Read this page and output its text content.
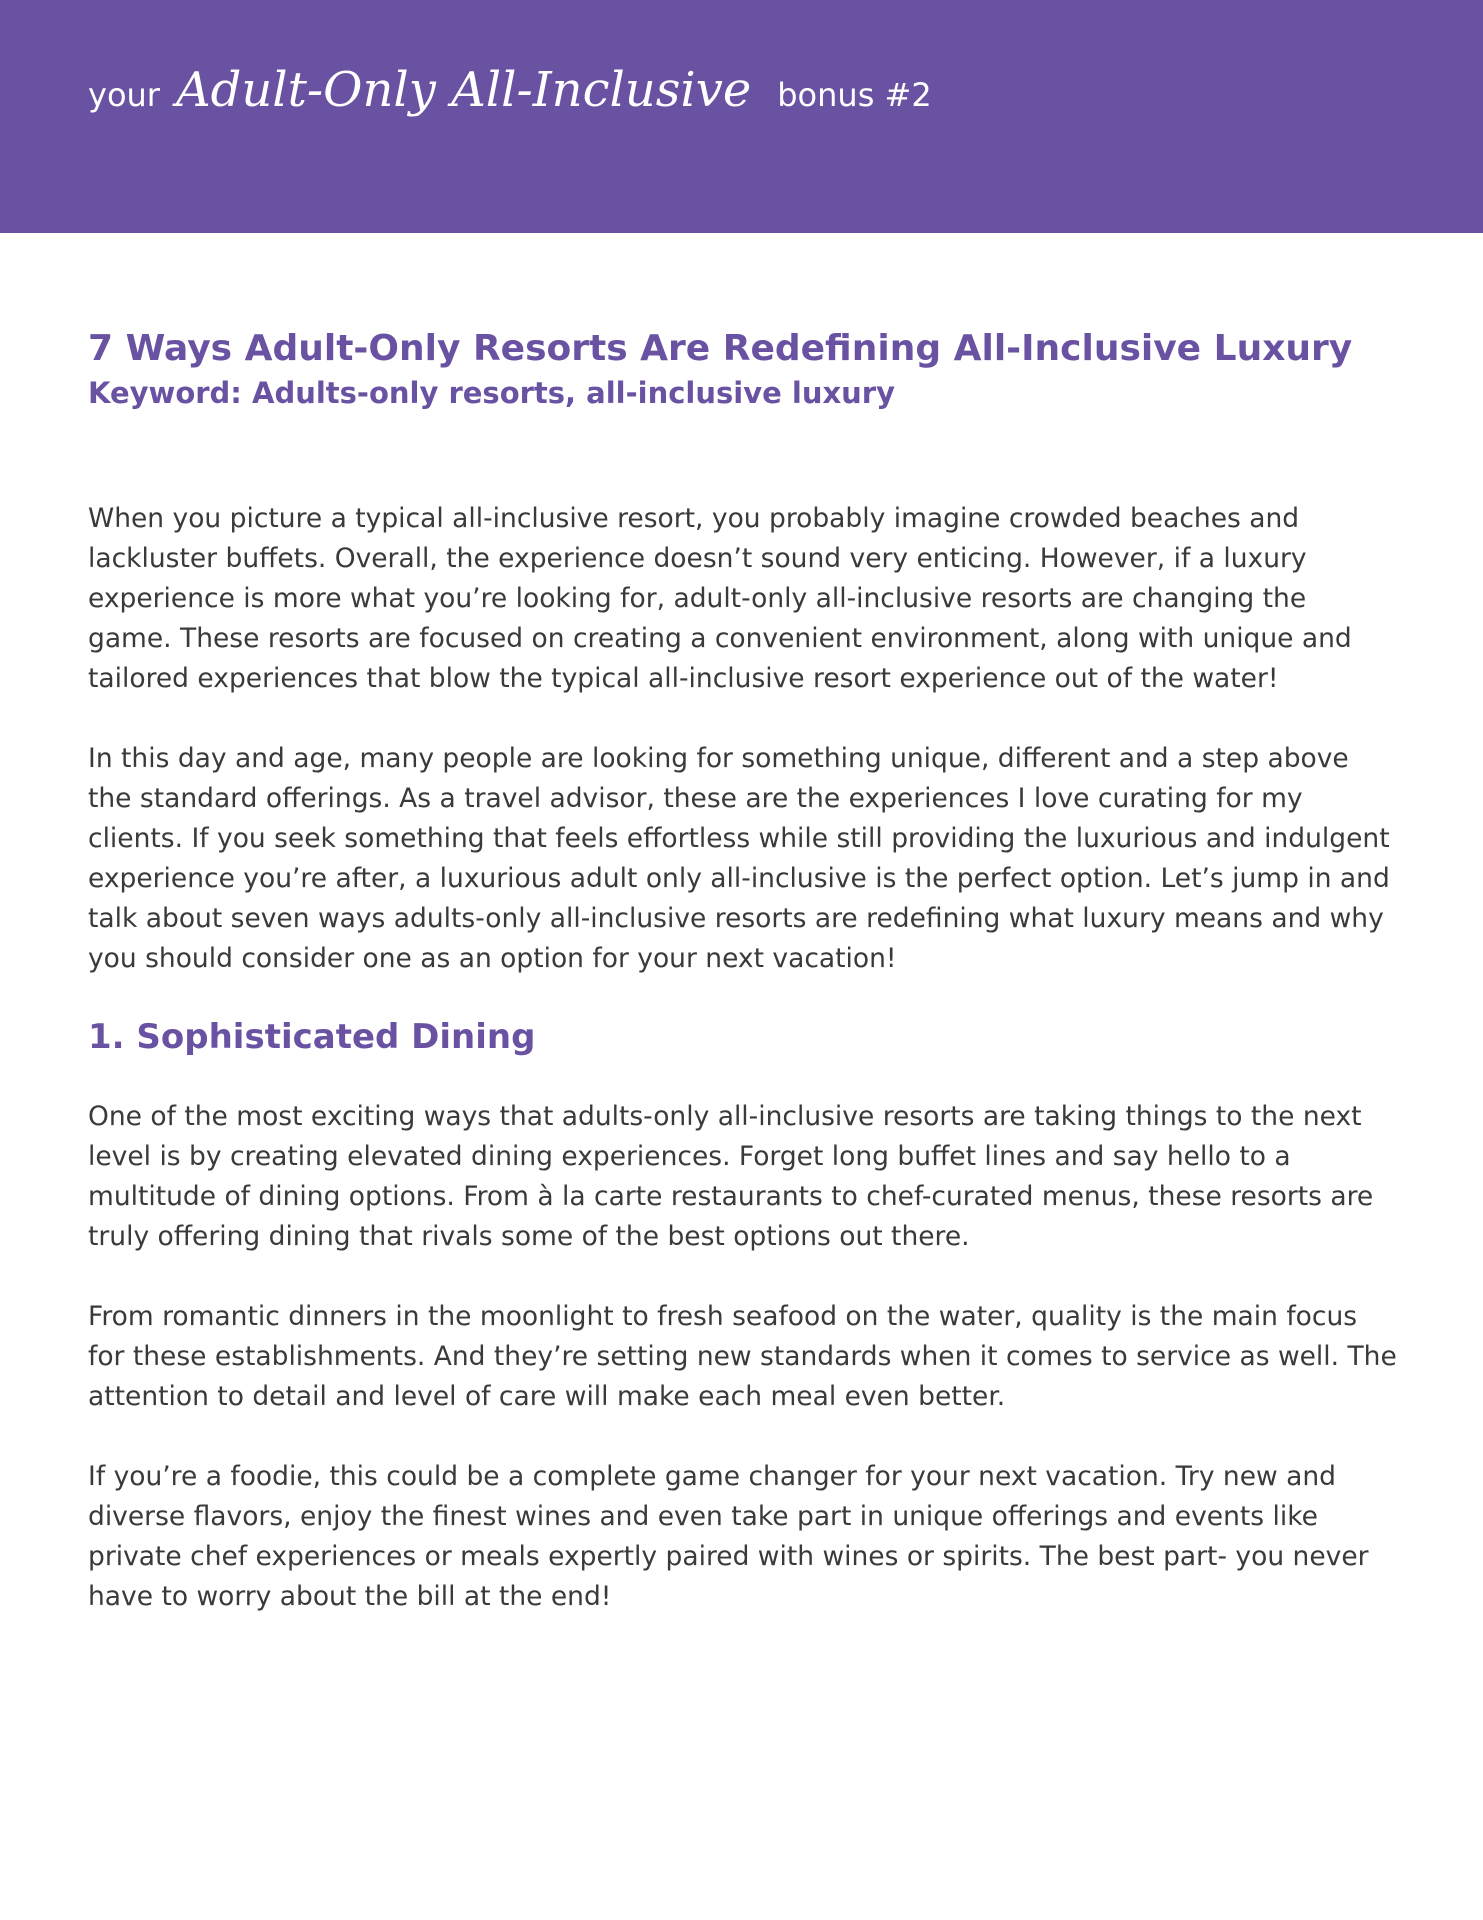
your Adult-Only All-Inclusive bonus #2
7 Ways Adult-Only Resorts Are Redefining All-Inclusive Luxury
Keyword: Adults-only resorts, all-inclusive luxury

When you picture a typical all-inclusive resort, you probably imagine crowded beaches and lackluster buffets. Overall, the experience doesn’t sound very enticing. However, if a luxury experience is more what you’re looking for, adult-only all-inclusive resorts are changing the game. These resorts are focused on creating a convenient environment, along with unique and tailored experiences that blow the typical all-inclusive resort experience out of the water!

In this day and age, many people are looking for something unique, different and a step above the standard offerings. As a travel advisor, these are the experiences I love curating for my clients. If you seek something that feels effortless while still providing the luxurious and indulgent experience you’re after, a luxurious adult only all-inclusive is the perfect option. Let’s jump in and talk about seven ways adults-only all-inclusive resorts are redefining what luxury means and why you should consider one as an option for your next vacation!

1. Sophisticated Dining

One of the most exciting ways that adults-only all-inclusive resorts are taking things to the next level is by creating elevated dining experiences. Forget long buffet lines and say hello to a multitude of dining options. From à la carte restaurants to chef-curated menus, these resorts are truly offering dining that rivals some of the best options out there.

From romantic dinners in the moonlight to fresh seafood on the water, quality is the main focus for these establishments. And they’re setting new standards when it comes to service as well. The attention to detail and level of care will make each meal even better.

If you’re a foodie, this could be a complete game changer for your next vacation. Try new and diverse flavors, enjoy the finest wines and even take part in unique offerings and events like private chef experiences or meals expertly paired with wines or spirits. The best part- you never have to worry about the bill at the end!
